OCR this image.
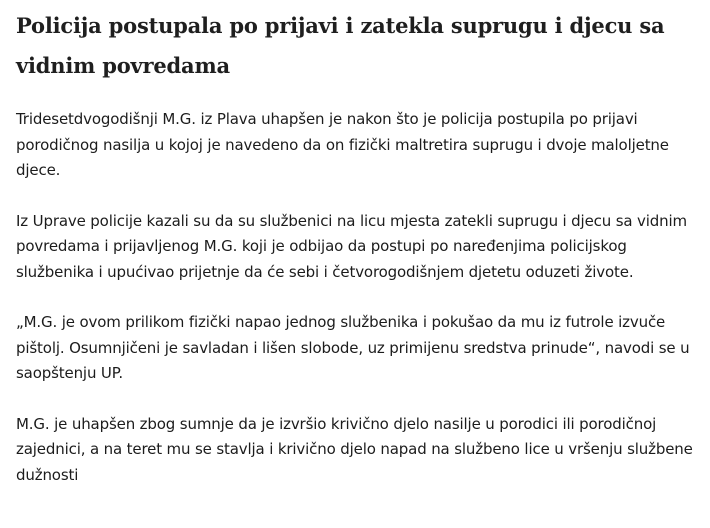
Policija postupala po prijavi i zatekla suprugu i djecu sa vidnim povredama

Tridesetdvogodišnji M.G. iz Plava uhapšen je nakon što je policija postupila po prijavi porodičnog nasilja u kojoj je navedeno da on fizički maltretira suprugu i dvoje maloljetne djece.

Iz Uprave policije kazali su da su službenici na licu mjesta zatekli suprugu i djecu sa vidnim povredama i prijavljenog M.G. koji je odbijao da postupi po naređenjima policijskog službenika i upućivao prijetnje da će sebi i četvorogodišnjem djetetu oduzeti živote.

„M.G. je ovom prilikom fizički napao jednog službenika i pokušao da mu iz futrole izvuče pištolj. Osumnjičeni je savladan i lišen slobode, uz primijenu sredstva prinude“, navodi se u saopštenju UP.

M.G. je uhapšen zbog sumnje da je izvršio krivično djelo nasilje u porodici ili porodičnoj zajednici, a na teret mu se stavlja i krivično djelo napad na službeno lice u vršenju službene dužnosti
